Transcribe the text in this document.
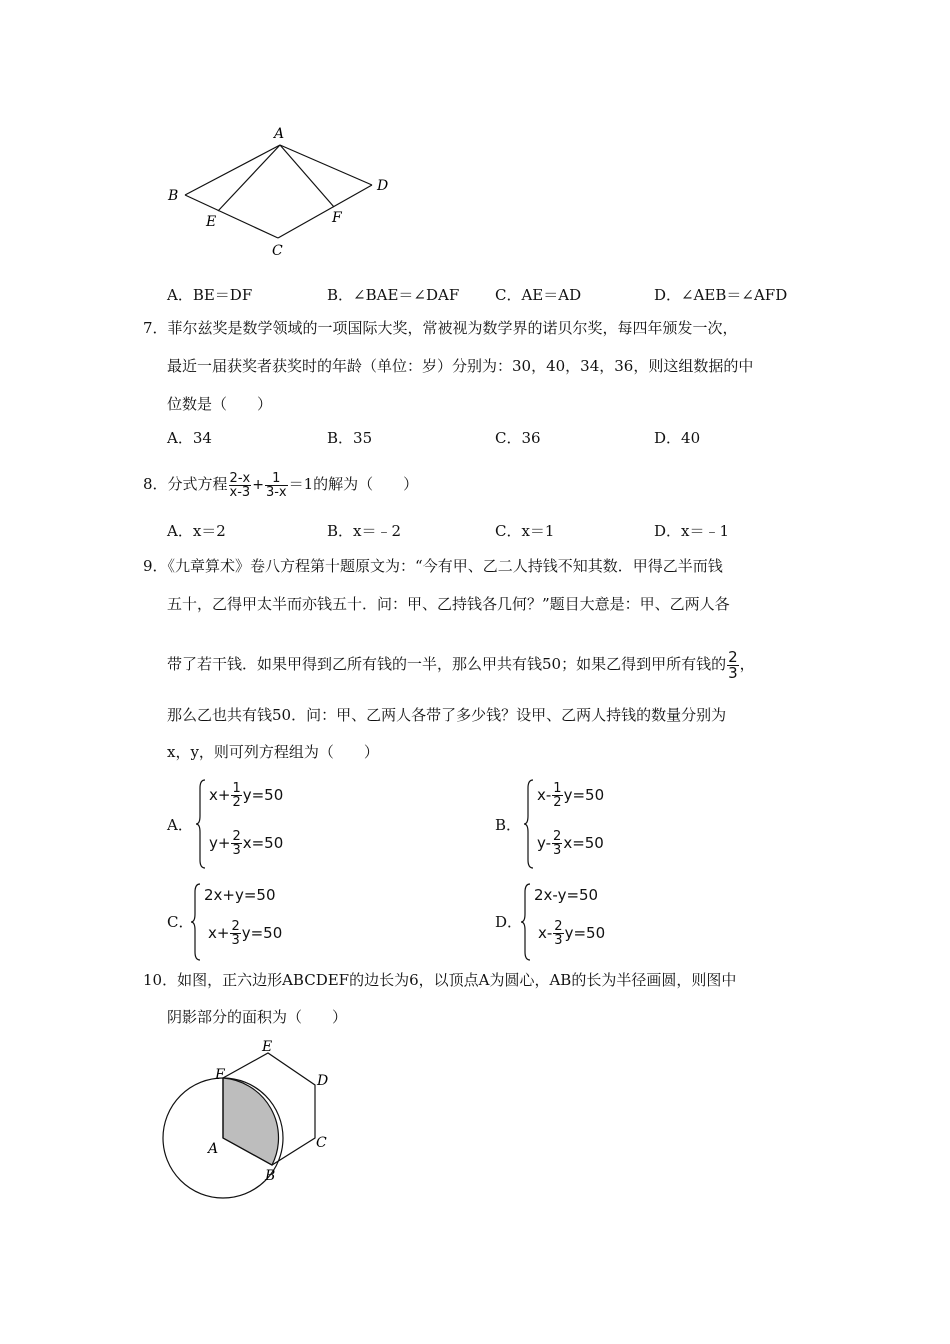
A
B
C
D
E	F
A．BE＝DF	B．∠BAE＝∠DAF C．AE＝AD	D．∠AEB＝∠AFD
7．菲尔兹奖是数学领域的一项国际大奖，常被视为数学界的诺贝尔奖，每四年颁发一次，
最近一届获奖者获奖时的年龄（单位：岁）分别为：30，40，34，36，则这组数据的中
位数是（　　）
A．34	B．35	C．36	D．40
8．分式方程 $\frac{2-x}{x-3} + \frac{1}{3-x} =1$的解为（　　）
A．x＝2	B．x＝﹣2	C．x＝1	D．x＝﹣1
9．《九章算术》卷八方程第十题原文为：“今有甲、乙二人持钱不知其数．甲得乙半而钱
五十，乙得甲太半而亦钱五十．问：甲、乙持钱各几何？”题目大意是：甲、乙两人各
带了若干钱．如果甲得到乙所有钱的一半，那么甲共有钱50；如果乙得到甲所有钱的 $\frac{2}{3}$ ，
那么乙也共有钱50．问：甲、乙两人各带了多少钱？设甲、乙两人持钱的数量分别为
x，y，则可列方程组为（　　）
A．
$x+ \frac{1}{2} y=50$
$y+ \frac{2}{3} x=50$
B．
$x- \frac{1}{2} y=50$
$y- \frac{2}{3} x=50$
C．
2x+y=50
$x+ \frac{2}{3} y=50$
D．
2x-y=50
$x- \frac{2}{3} y=50$
10．如图，正六边形ABCDEF的边长为6，以顶点A为圆心，AB的长为半径画圆，则图中
阴影部分的面积为（　　）
A
B
C
D
E
F
